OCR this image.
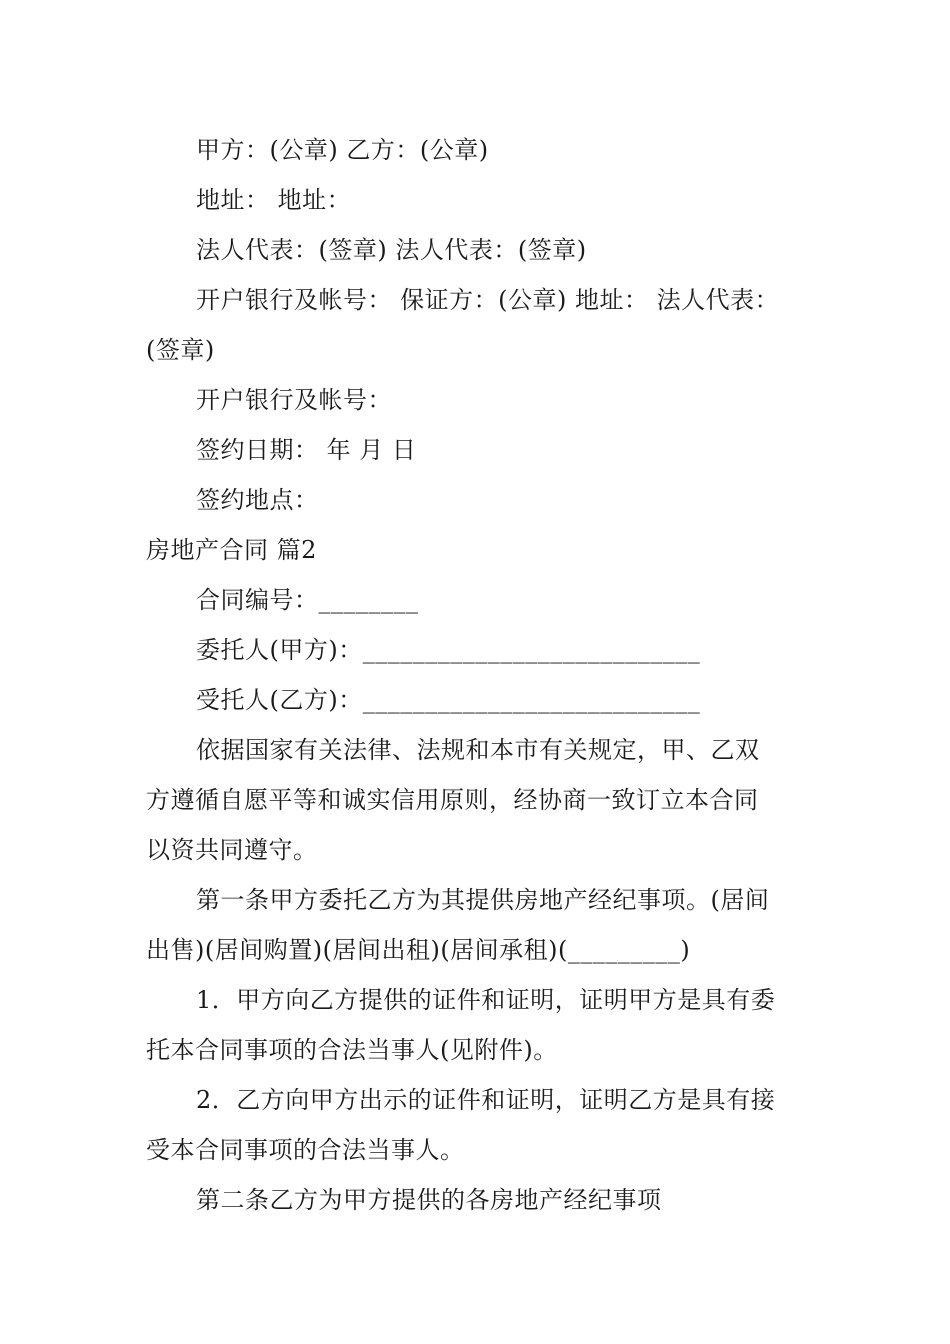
甲方：(公章) 乙方：(公章)
地址： 地址：
法人代表：(签章) 法人代表：(签章)
开户银行及帐号： 保证方：(公章) 地址： 法人代表：
(签章)
开户银行及帐号：
签约日期： 年 月 日
签约地点：
房地产合同 篇2
合同编号：________
委托人(甲方)：___________________________
受托人(乙方)：___________________________
依据国家有关法律、法规和本市有关规定，甲、乙双
方遵循自愿平等和诚实信用原则，经协商一致订立本合同
以资共同遵守。
第一条甲方委托乙方为其提供房地产经纪事项。(居间
出售)(居间购置)(居间出租)(居间承租)(_________)
1．甲方向乙方提供的证件和证明，证明甲方是具有委
托本合同事项的合法当事人(见附件)。
2．乙方向甲方出示的证件和证明，证明乙方是具有接
受本合同事项的合法当事人。
第二条乙方为甲方提供的各房地产经纪事项
